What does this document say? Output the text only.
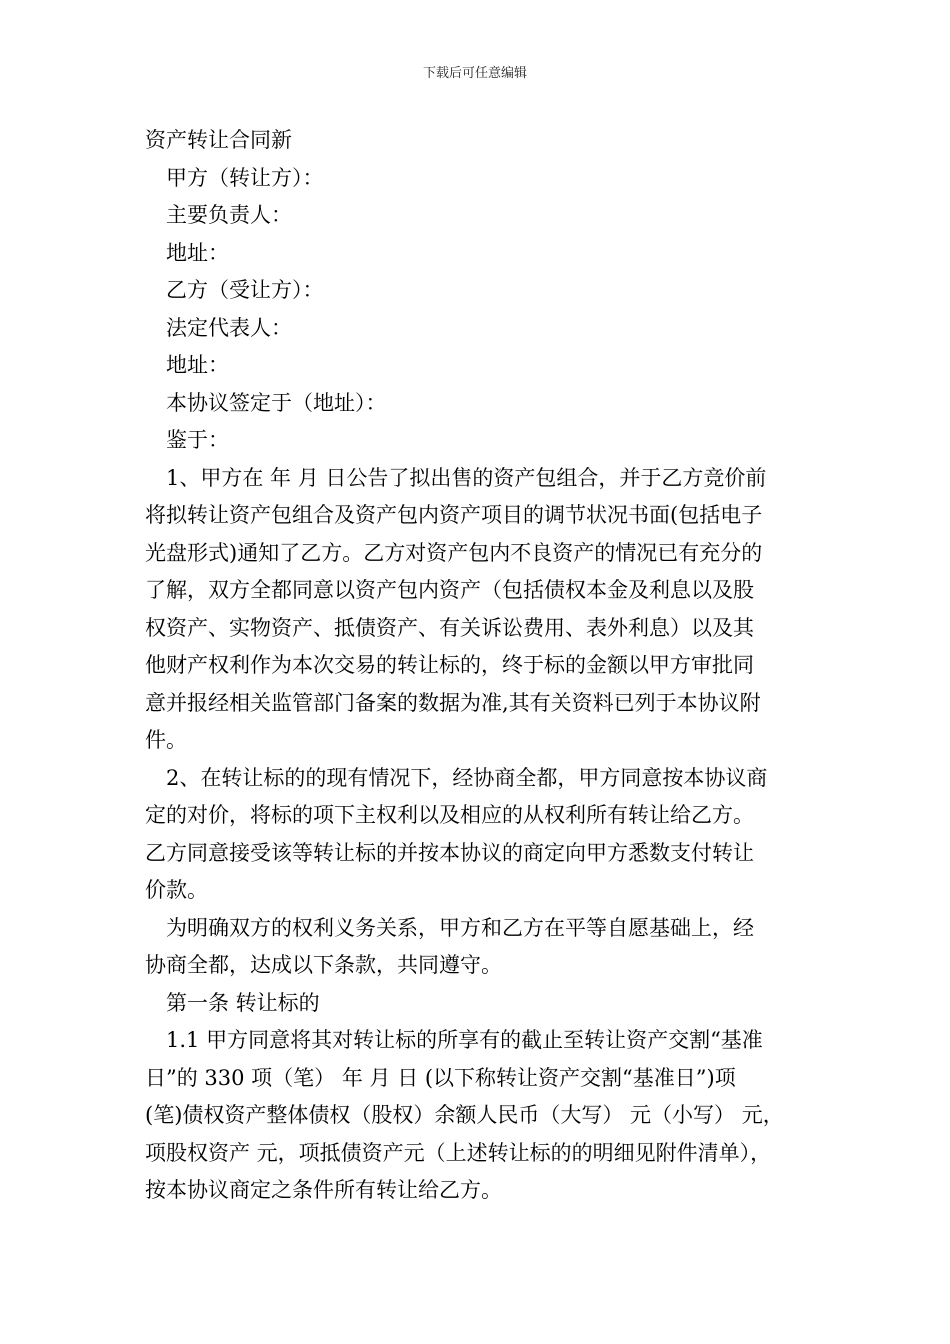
下载后可任意编辑
资产转让合同新
甲方（转让方）：
主要负责人：
地址：
乙方（受让方）：
法定代表人：
地址：
本协议签定于（地址）：
鉴于：
1、甲方在 年 月 日公告了拟出售的资产包组合，并于乙方竞价前
将拟转让资产包组合及资产包内资产项目的调节状况书面(包括电子
光盘形式)通知了乙方。乙方对资产包内不良资产的情况已有充分的
了解，双方全都同意以资产包内资产（包括债权本金及利息以及股
权资产、实物资产、抵债资产、有关诉讼费用、表外利息）以及其
他财产权利作为本次交易的转让标的，终于标的金额以甲方审批同
意并报经相关监管部门备案的数据为准,其有关资料已列于本协议附
件。
2、在转让标的的现有情况下，经协商全都，甲方同意按本协议商
定的对价，将标的项下主权利以及相应的从权利所有转让给乙方。
乙方同意接受该等转让标的并按本协议的商定向甲方悉数支付转让
价款。
为明确双方的权利义务关系，甲方和乙方在平等自愿基础上，经
协商全都，达成以下条款，共同遵守。
第一条 转让标的
1.1 甲方同意将其对转让标的所享有的截止至转让资产交割“基准
日”的 330 项（笔） 年 月 日 (以下称转让资产交割“基准日”)项
(笔)债权资产整体债权（股权）余额人民币（大写） 元（小写） 元，
项股权资产 元，项抵债资产元（上述转让标的的明细见附件清单），
按本协议商定之条件所有转让给乙方。
